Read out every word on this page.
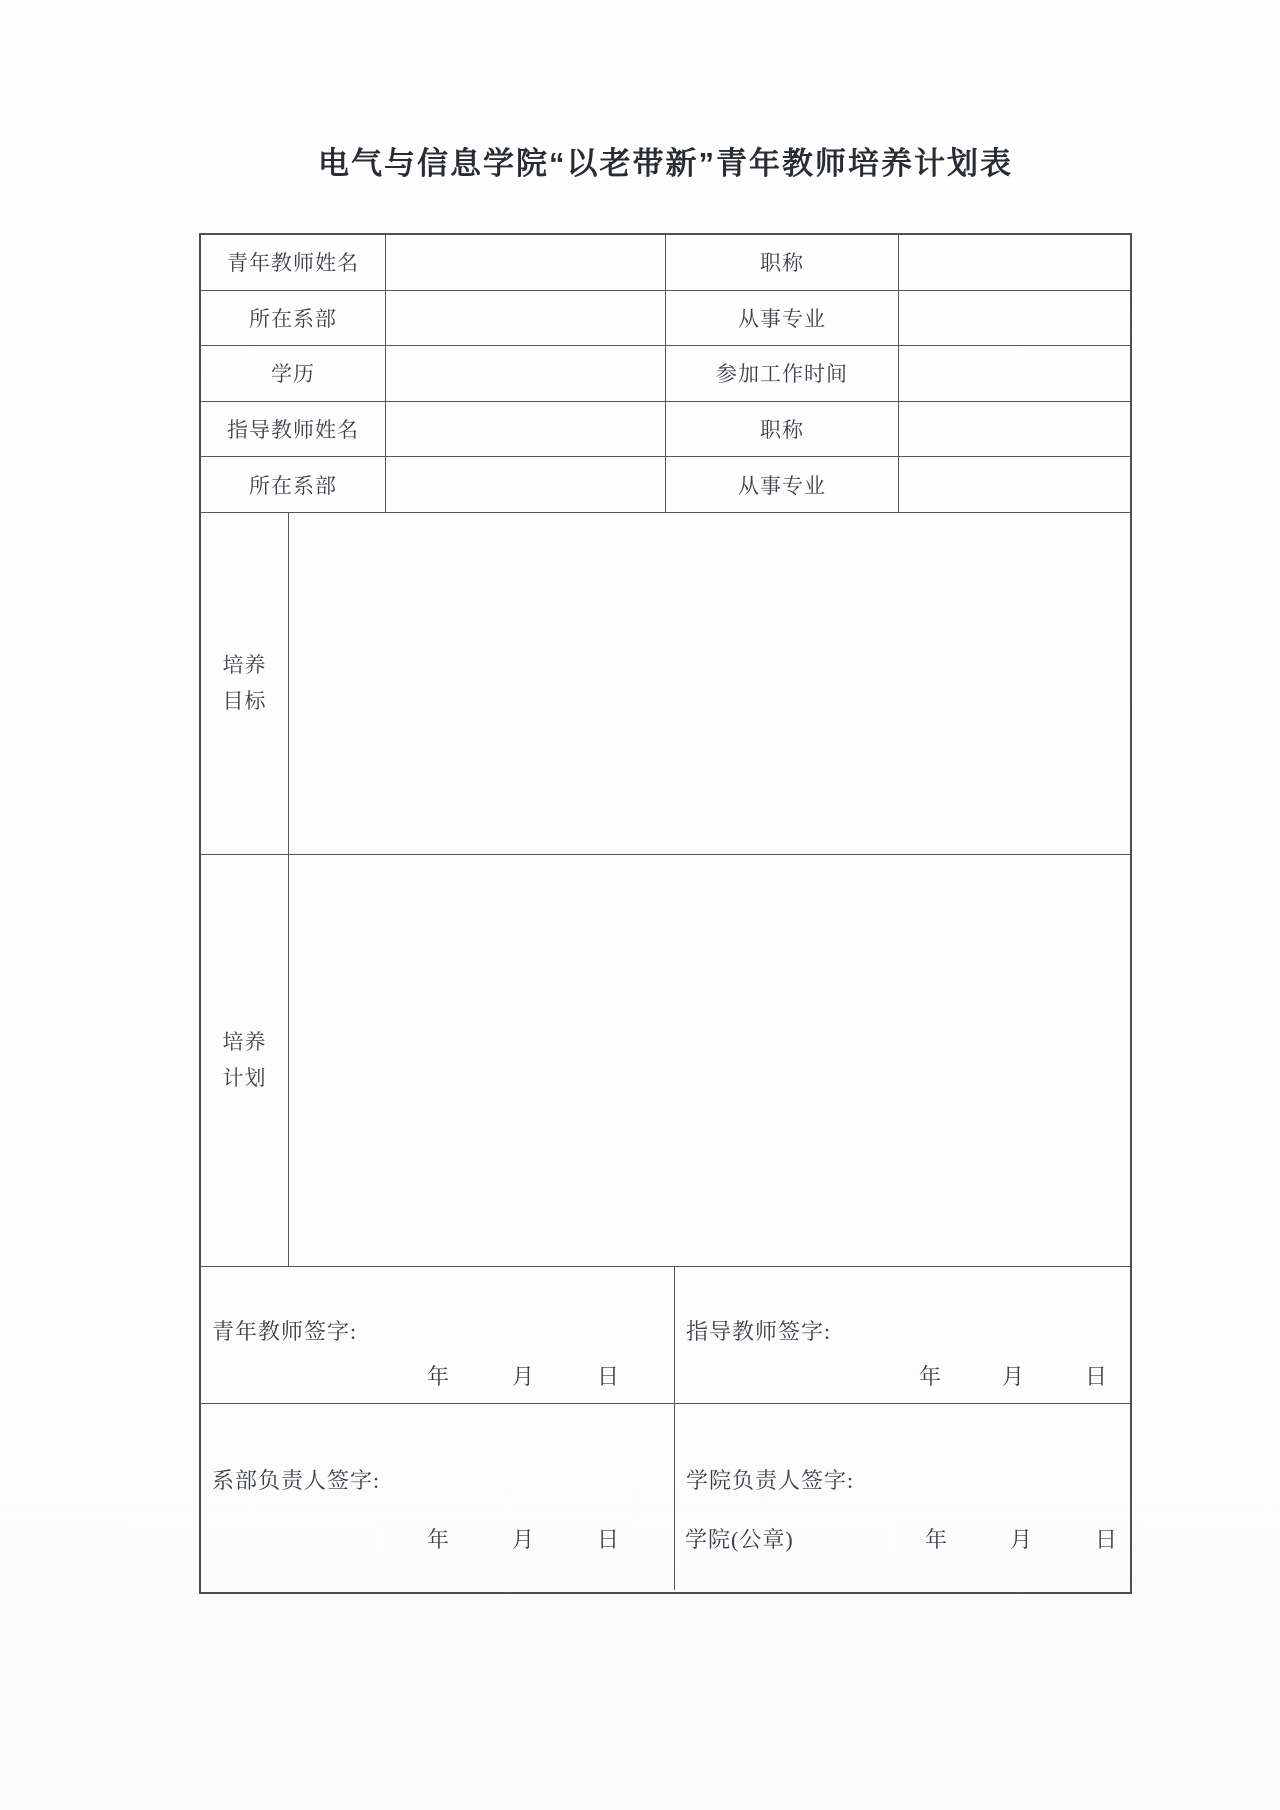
电气与信息学院“以老带新”青年教师培养计划表
青年教师姓名	职称
所在系部	从事专业
学历	参加工作时间
指导教师姓名	职称
所在系部	从事专业
培养
目标
培养
计划
青年教师签字:
年	月	日
指导教师签字:
年	月	日
系部负责人签字:
年	月	日
学院负责人签字:
学院(公章)	年	月	日
